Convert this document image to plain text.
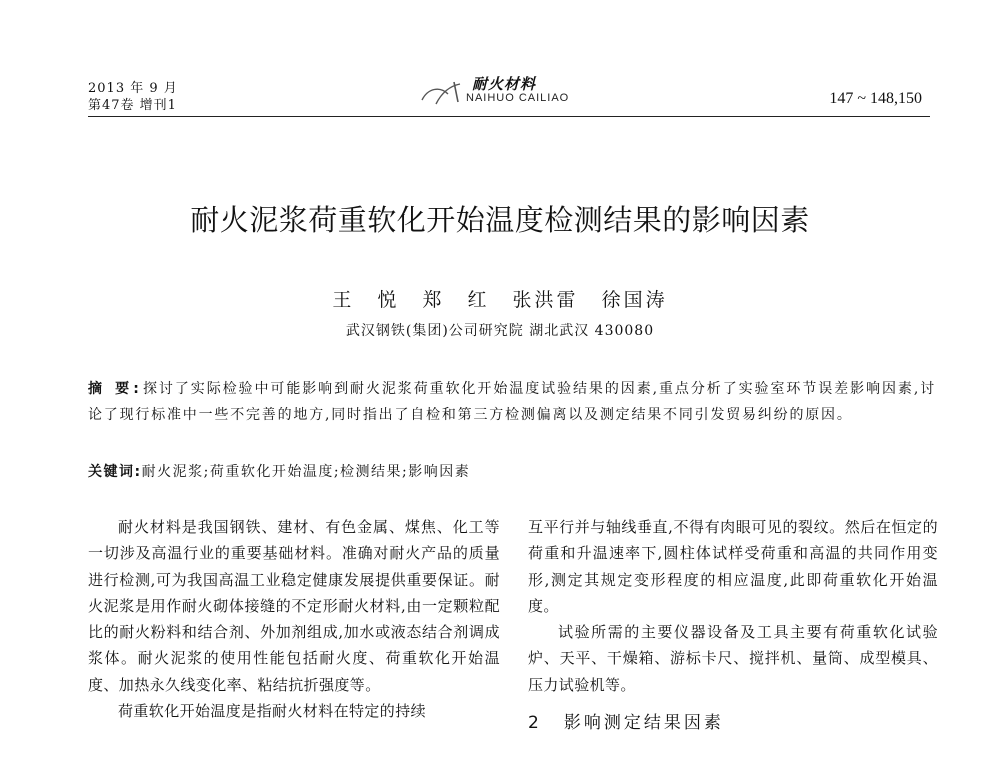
2013 年 9 月
第47卷 增刊1
耐火材料
NAIHUO CAILIAO	147 ~ 148,150
耐火泥浆荷重软化开始温度检测结果的影响因素
王 悦 郑 红 张洪雷 徐国涛
武汉钢铁(集团)公司研究院 湖北武汉 430080
摘 要:探讨了实际检验中可能影响到耐火泥浆荷重软化开始温度试验结果的因素,重点分析了实验室环节误差影响因素,讨论了现行标准中一些不完善的地方,同时指出了自检和第三方检测偏离以及测定结果不同引发贸易纠纷的原因。
关键词:耐火泥浆;荷重软化开始温度;检测结果;影响因素

耐火材料是我国钢铁、建材、有色金属、煤焦、化工等一切涉及高温行业的重要基础材料。准确对耐火产品的质量进行检测,可为我国高温工业稳定健康发展提供重要保证。耐火泥浆是用作耐火砌体接缝的不定形耐火材料,由一定颗粒配比的耐火粉料和结合剂、外加剂组成,加水或液态结合剂调成浆体。耐火泥浆的使用性能包括耐火度、荷重软化开始温度、加热永久线变化率、粘结抗折强度等。

荷重软化开始温度是指耐火材料在特定的持续

互平行并与轴线垂直,不得有肉眼可见的裂纹。然后在恒定的荷重和升温速率下,圆柱体试样受荷重和高温的共同作用变形,测定其规定变形程度的相应温度,此即荷重软化开始温度。

试验所需的主要仪器设备及工具主要有荷重软化试验炉、天平、干燥箱、游标卡尺、搅拌机、量筒、成型模具、压力试验机等。

2 影响测定结果因素
